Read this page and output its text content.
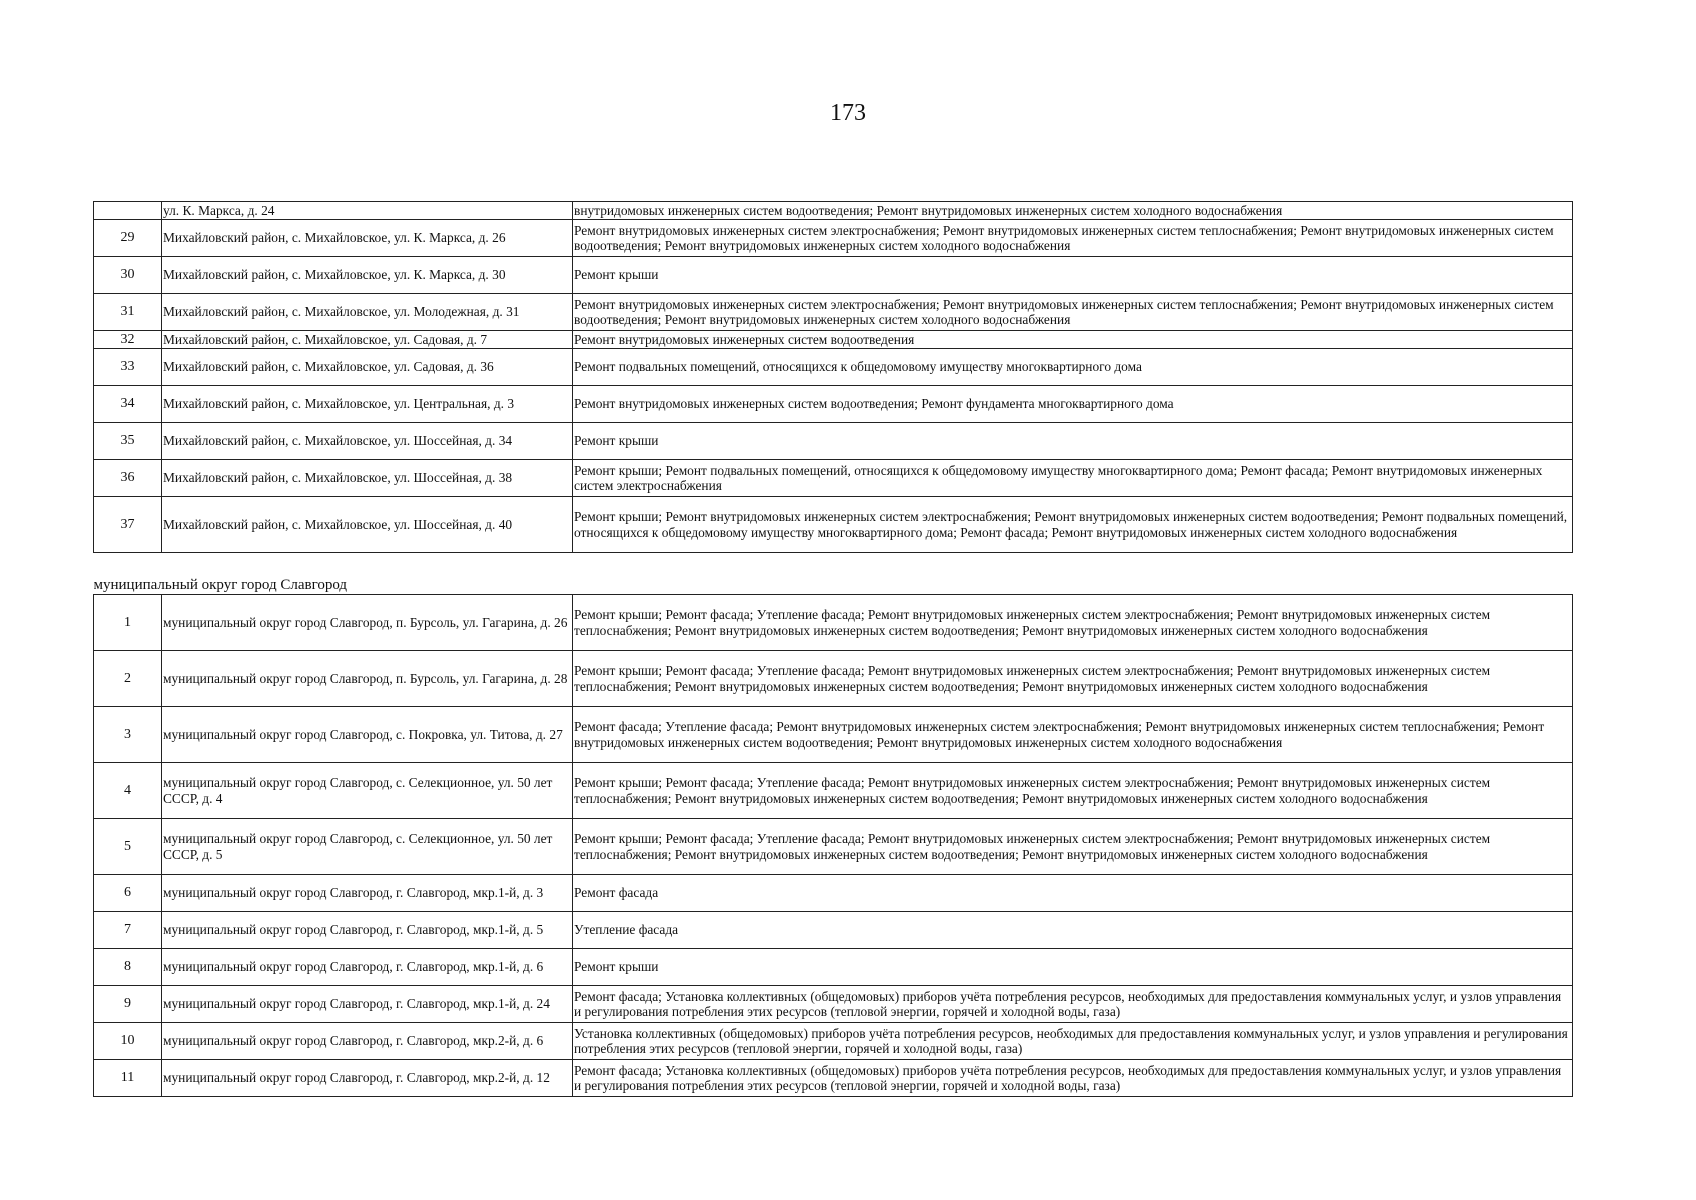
173
	ул. К. Маркса, д. 24	внутридомовых инженерных систем водоотведения; Ремонт внутридомовых инженерных систем холодного водоснабжения
29	Михайловский район, с. Михайловское, ул. К. Маркса, д. 26	Ремонт внутридомовых инженерных систем электроснабжения; Ремонт внутридомовых инженерных систем теплоснабжения; Ремонт внутридомовых инженерных систем водоотведения; Ремонт внутридомовых инженерных систем холодного водоснабжения
30	Михайловский район, с. Михайловское, ул. К. Маркса, д. 30	Ремонт крыши
31	Михайловский район, с. Михайловское, ул. Молодежная, д. 31	Ремонт внутридомовых инженерных систем электроснабжения; Ремонт внутридомовых инженерных систем теплоснабжения; Ремонт внутридомовых инженерных систем водоотведения; Ремонт внутридомовых инженерных систем холодного водоснабжения
32	Михайловский район, с. Михайловское, ул. Садовая, д. 7	Ремонт внутридомовых инженерных систем водоотведения
33	Михайловский район, с. Михайловское, ул. Садовая, д. 36	Ремонт подвальных помещений, относящихся к общедомовому имуществу многоквартирного дома
34	Михайловский район, с. Михайловское, ул. Центральная, д. 3	Ремонт внутридомовых инженерных систем водоотведения; Ремонт фундамента многоквартирного дома
35	Михайловский район, с. Михайловское, ул. Шоссейная, д. 34	Ремонт крыши
36	Михайловский район, с. Михайловское, ул. Шоссейная, д. 38	Ремонт крыши; Ремонт подвальных помещений, относящихся к общедомовому имуществу многоквартирного дома; Ремонт фасада; Ремонт внутридомовых инженерных систем электроснабжения
37	Михайловский район, с. Михайловское, ул. Шоссейная, д. 40	Ремонт крыши; Ремонт внутридомовых инженерных систем электроснабжения; Ремонт внутридомовых инженерных систем водоотведения; Ремонт подвальных помещений, относящихся к общедомовому имуществу многоквартирного дома; Ремонт фасада; Ремонт внутридомовых инженерных систем холодного водоснабжения
муниципальный округ город Славгород		
1	муниципальный округ город Славгород, п. Бурсоль, ул. Гагарина, д. 26	Ремонт крыши; Ремонт фасада; Утепление фасада; Ремонт внутридомовых инженерных систем электроснабжения; Ремонт внутридомовых инженерных систем теплоснабжения; Ремонт внутридомовых инженерных систем водоотведения; Ремонт внутридомовых инженерных систем холодного водоснабжения
2	муниципальный округ город Славгород, п. Бурсоль, ул. Гагарина, д. 28	Ремонт крыши; Ремонт фасада; Утепление фасада; Ремонт внутридомовых инженерных систем электроснабжения; Ремонт внутридомовых инженерных систем теплоснабжения; Ремонт внутридомовых инженерных систем водоотведения; Ремонт внутридомовых инженерных систем холодного водоснабжения
3	муниципальный округ город Славгород, с. Покровка, ул. Титова, д. 27	Ремонт фасада; Утепление фасада; Ремонт внутридомовых инженерных систем электроснабжения; Ремонт внутридомовых инженерных систем теплоснабжения; Ремонт внутридомовых инженерных систем водоотведения; Ремонт внутридомовых инженерных систем холодного водоснабжения
4	муниципальный округ город Славгород, с. Селекционное, ул. 50 лет СССР, д. 4	Ремонт крыши; Ремонт фасада; Утепление фасада; Ремонт внутридомовых инженерных систем электроснабжения; Ремонт внутридомовых инженерных систем теплоснабжения; Ремонт внутридомовых инженерных систем водоотведения; Ремонт внутридомовых инженерных систем холодного водоснабжения
5	муниципальный округ город Славгород, с. Селекционное, ул. 50 лет СССР, д. 5	Ремонт крыши; Ремонт фасада; Утепление фасада; Ремонт внутридомовых инженерных систем электроснабжения; Ремонт внутридомовых инженерных систем теплоснабжения; Ремонт внутридомовых инженерных систем водоотведения; Ремонт внутридомовых инженерных систем холодного водоснабжения
6	муниципальный округ город Славгород, г. Славгород, мкр.1-й, д. 3	Ремонт фасада
7	муниципальный округ город Славгород, г. Славгород, мкр.1-й, д. 5	Утепление фасада
8	муниципальный округ город Славгород, г. Славгород, мкр.1-й, д. 6	Ремонт крыши
9	муниципальный округ город Славгород, г. Славгород, мкр.1-й, д. 24	Ремонт фасада; Установка коллективных (общедомовых) приборов учёта потребления ресурсов, необходимых для предоставления коммунальных услуг, и узлов управления и регулирования потребления этих ресурсов (тепловой энергии, горячей и холодной воды, газа)
10	муниципальный округ город Славгород, г. Славгород, мкр.2-й, д. 6	Установка коллективных (общедомовых) приборов учёта потребления ресурсов, необходимых для предоставления коммунальных услуг, и узлов управления и регулирования потребления этих ресурсов (тепловой энергии, горячей и холодной воды, газа)
11	муниципальный округ город Славгород, г. Славгород, мкр.2-й, д. 12	Ремонт фасада; Установка коллективных (общедомовых) приборов учёта потребления ресурсов, необходимых для предоставления коммунальных услуг, и узлов управления и регулирования потребления этих ресурсов (тепловой энергии, горячей и холодной воды, газа)
